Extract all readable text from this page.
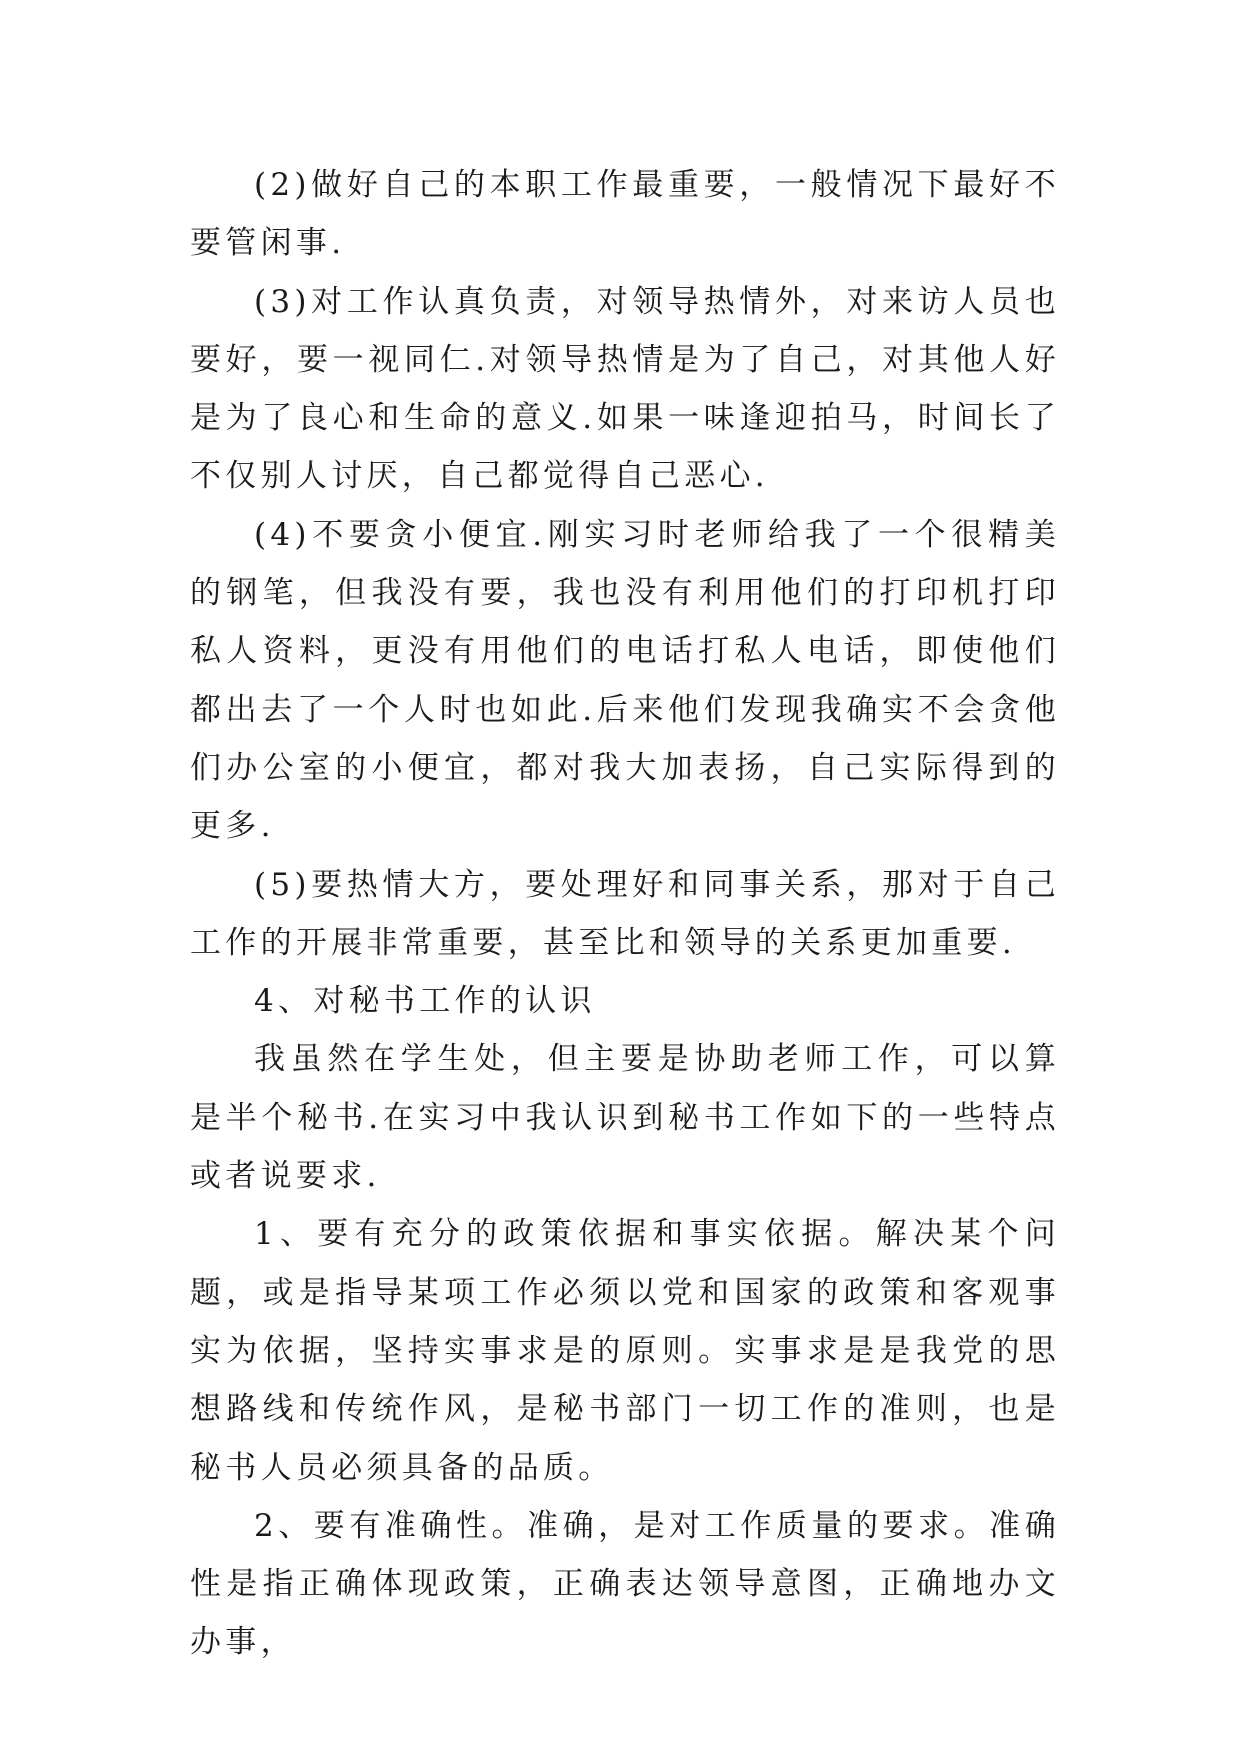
(2)做好自己的本职工作最重要，一般情况下最好不要管闲事.

(3)对工作认真负责，对领导热情外，对来访人员也要好，要一视同仁.对领导热情是为了自己，对其他人好是为了良心和生命的意义.如果一味逢迎拍马，时间长了不仅别人讨厌，自己都觉得自己恶心.

(4)不要贪小便宜.刚实习时老师给我了一个很精美的钢笔，但我没有要，我也没有利用他们的打印机打印私人资料，更没有用他们的电话打私人电话，即使他们都出去了一个人时也如此.后来他们发现我确实不会贪他们办公室的小便宜，都对我大加表扬，自己实际得到的更多.

(5)要热情大方，要处理好和同事关系，那对于自己工作的开展非常重要，甚至比和领导的关系更加重要.

4、对秘书工作的认识

我虽然在学生处，但主要是协助老师工作，可以算是半个秘书.在实习中我认识到秘书工作如下的一些特点或者说要求.

1、要有充分的政策依据和事实依据。解决某个问题，或是指导某项工作必须以党和国家的政策和客观事实为依据，坚持实事求是的原则。实事求是是我党的思想路线和传统作风，是秘书部门一切工作的准则，也是秘书人员必须具备的品质。

2、要有准确性。准确，是对工作质量的要求。准确性是指正确体现政策，正确表达领导意图，正确地办文办事，
